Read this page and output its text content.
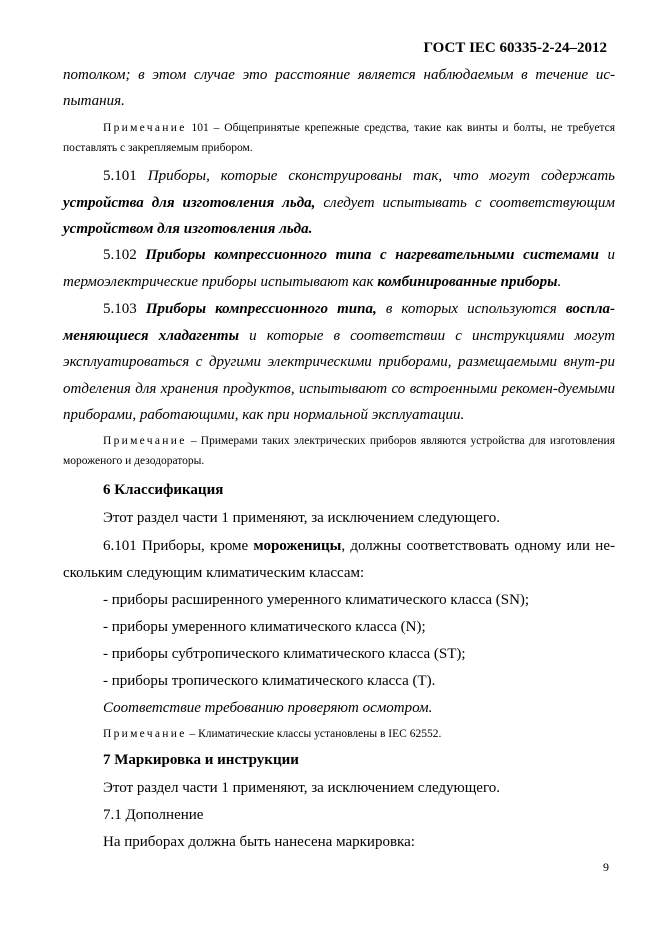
ГОСТ IEC 60335-2-24–2012
потолком; в этом случае это расстояние является наблюдаемым в течение ис-
пытания.
Примечание 101 – Общепринятые крепежные средства, такие как винты и болты, не требуется поставлять с закрепляемым прибором.
5.101 Приборы, которые сконструированы так, что могут содержать устройства для изготовления льда, следует испытывать с соответствующим устройством для изготовления льда.
5.102 Приборы компрессионного типа с нагревательными системами и термоэлектрические приборы испытывают как комбинированные приборы.
5.103 Приборы компрессионного типа, в которых используются воспла-меняющиеся хладагенты и которые в соответствии с инструкциями могут эксплуатироваться с другими электрическими приборами, размещаемыми внут-ри отделения для хранения продуктов, испытывают со встроенными рекомен-дуемыми приборами, работающими, как при нормальной эксплуатации.
Примечание – Примерами таких электрических приборов являются устройства для изготовления мороженого и дезодораторы.
6 Классификация
Этот раздел части 1 применяют, за исключением следующего.
6.101 Приборы, кроме мороженицы, должны соответствовать одному или не-скольким следующим климатическим классам:
- приборы расширенного умеренного климатического класса (SN);
- приборы умеренного климатического класса (N);
- приборы субтропического климатического класса (ST);
- приборы тропического климатического класса (T).
Соответствие требованию проверяют осмотром.
Примечание – Климатические классы установлены в IEC 62552.
7 Маркировка и инструкции
Этот раздел части 1 применяют, за исключением следующего.
7.1 Дополнение
На приборах должна быть нанесена маркировка:
9
